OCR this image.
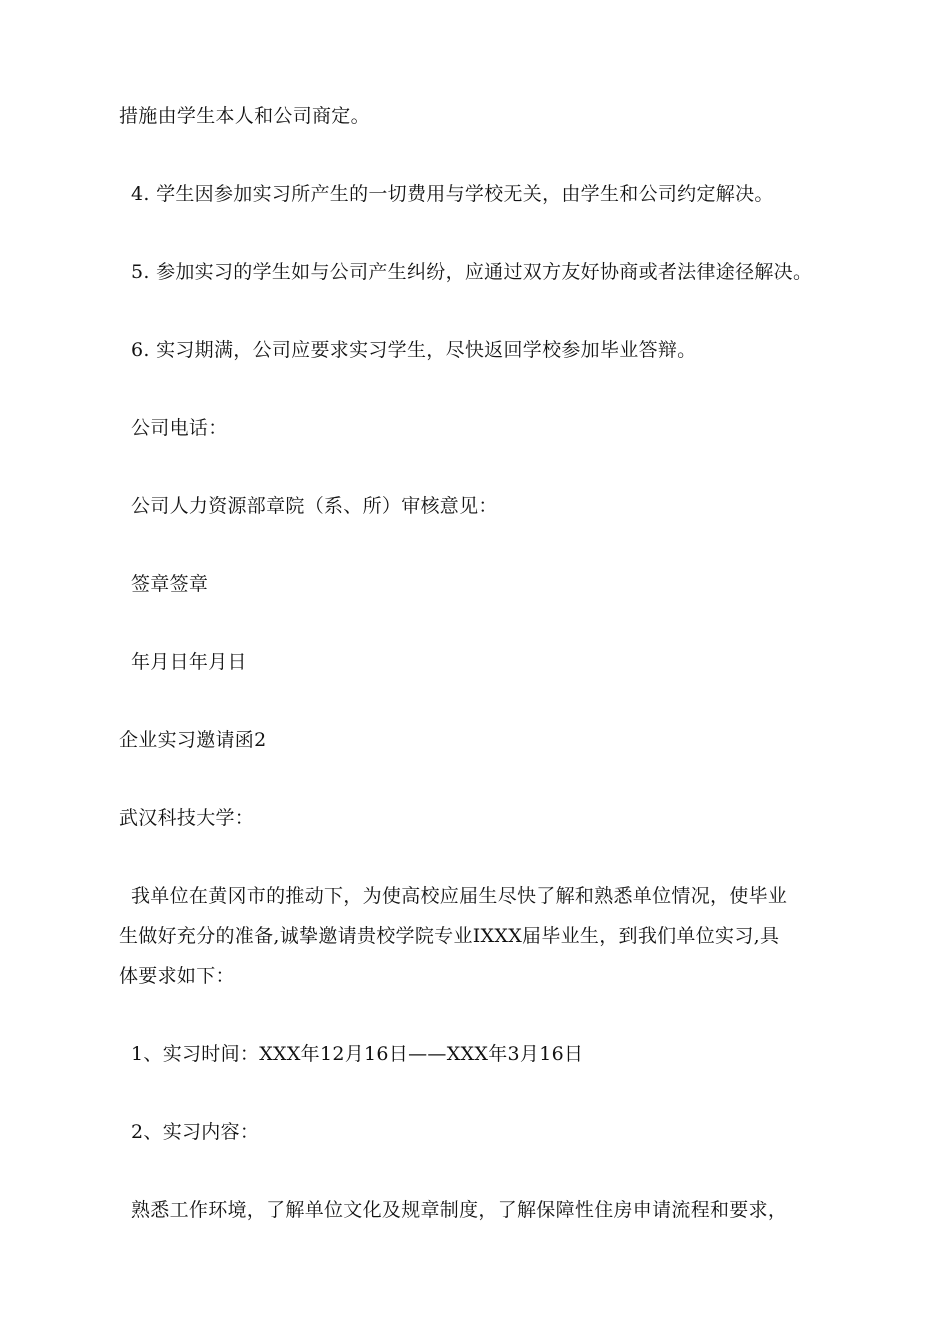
措施由学生本人和公司商定。
4. 学生因参加实习所产生的一切费用与学校无关，由学生和公司约定解决。
5. 参加实习的学生如与公司产生纠纷，应通过双方友好协商或者法律途径解决。
6. 实习期满，公司应要求实习学生，尽快返回学校参加毕业答辩。
公司电话：
公司人力资源部章院（系、所）审核意见：
签章签章
年月日年月日
企业实习邀请函2
武汉科技大学：
我单位在黄冈市的推动下，为使高校应届生尽快了解和熟悉单位情况，使毕业
生做好充分的准备,诚挚邀请贵校学院专业IXXX届毕业生，到我们单位实习,具
体要求如下：
1、实习时间：XXX年12月16日——XXX年3月16日
2、实习内容：
熟悉工作环境，了解单位文化及规章制度，了解保障性住房申请流程和要求，
